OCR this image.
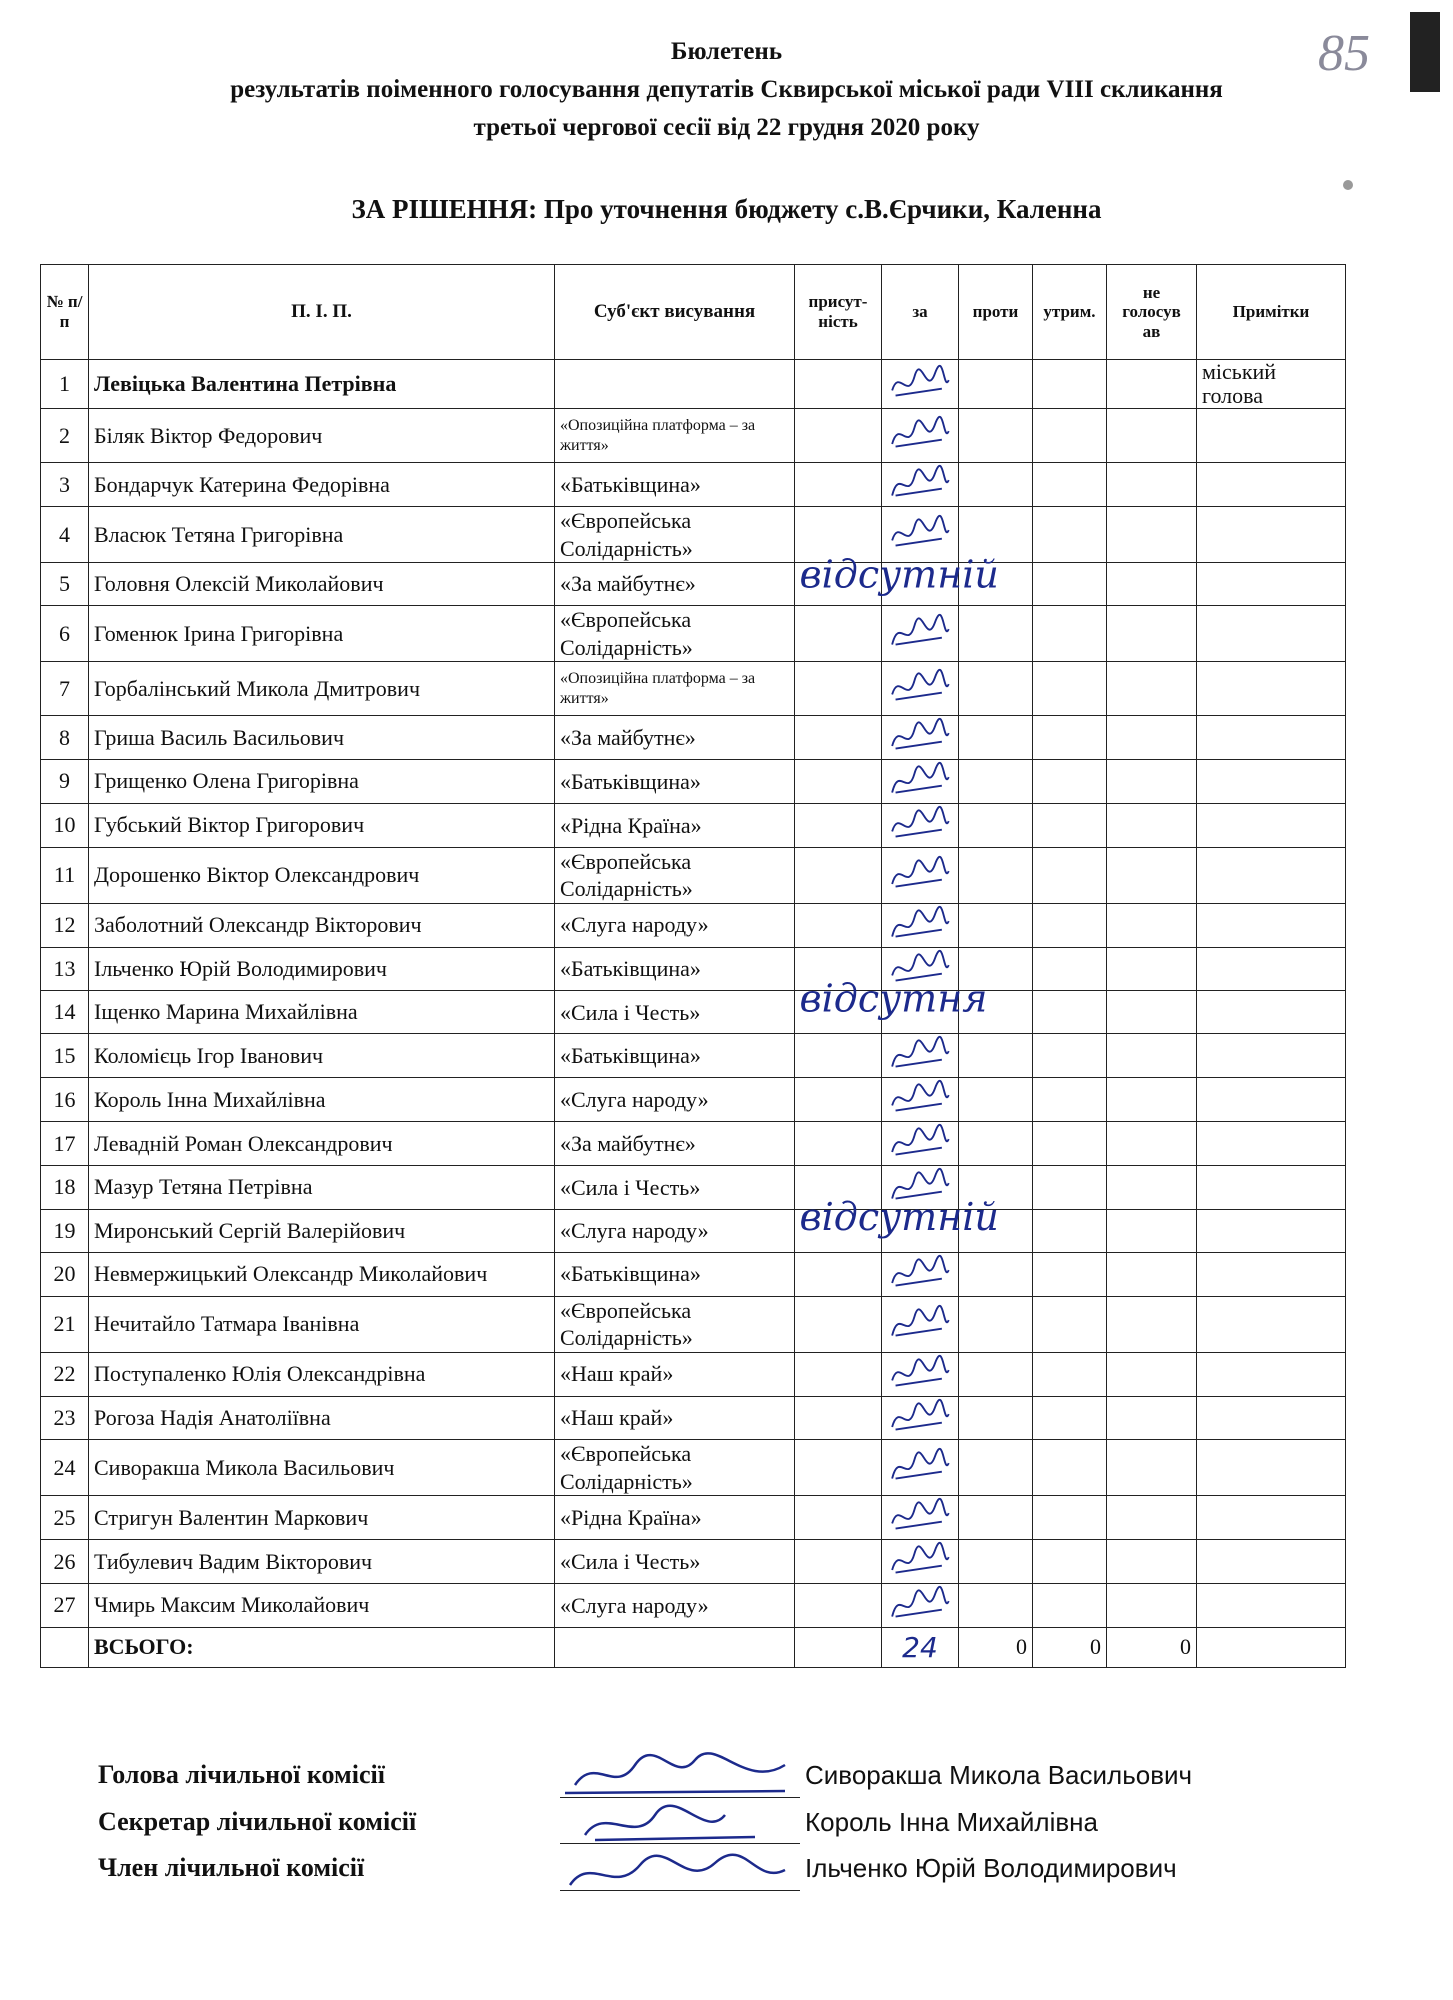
85
Бюлетень
результатів поіменного голосування депутатів Сквирської міської ради VIII скликання
третьої чергової сесії від 22 грудня 2020 року
ЗА РІШЕННЯ: Про уточнення бюджету с.В.Єрчики, Каленна
№ п/п	П. І. П.	Суб'єкт висування	присут-ність	за	проти	утрим.	не голосув ав	Примітки
1	Левіцька Валентина Петрівна							міський голова
2	Біляк Віктор Федорович	«Опозиційна платформа – за життя»		

3	Бондарчук Катерина Федорівна	«Батьківщина»		

4	Власюк Тетяна Григорівна	«Європейська Солідарність»		

5	Головня Олексій Миколайович	«За майбутнє»						
6	Гоменюк Ірина Григорівна	«Європейська Солідарність»		

7	Горбалінський Микола Дмитрович	«Опозиційна платформа – за життя»		

8	Гриша Василь Васильович	«За майбутнє»		

9	Грищенко Олена Григорівна	«Батьківщина»		

10	Губський Віктор Григорович	«Рідна Країна»		

11	Дорошенко Віктор Олександрович	«Європейська Солідарність»		

12	Заболотний Олександр Вікторович	«Слуга народу»		

13	Ільченко Юрій Володимирович	«Батьківщина»		

14	Іщенко Марина Михайлівна	«Сила і Честь»						
15	Коломієць Ігор Іванович	«Батьківщина»		

16	Король Інна Михайлівна	«Слуга народу»		

17	Левадній Роман Олександрович	«За майбутнє»		

18	Мазур Тетяна Петрівна	«Сила і Честь»		

19	Миронський Сергій Валерійович	«Слуга народу»						
20	Невмержицький Олександр Миколайович	«Батьківщина»		

21	Нечитайло Татмара Іванівна	«Європейська Солідарність»		

22	Поступаленко Юлія Олександрівна	«Наш край»		

23	Рогоза Надія Анатоліївна	«Наш край»		

24	Сиворакша Микола Васильович	«Європейська Солідарність»		

25	Стригун Валентин Маркович	«Рідна Країна»		

26	Тибулевич Вадим Вікторович	«Сила і Честь»		

27	Чмирь Максим Миколайович	«Слуга народу»		

	ВСЬОГО:			24	0	0	0	
відсутній
відсутня
відсутній
Голова лічильної комісії
Секретар лічильної комісії
Член лічильної комісії
Сиворакша Микола Васильович
Король Інна Михайлівна
Ільченко Юрій Володимирович
